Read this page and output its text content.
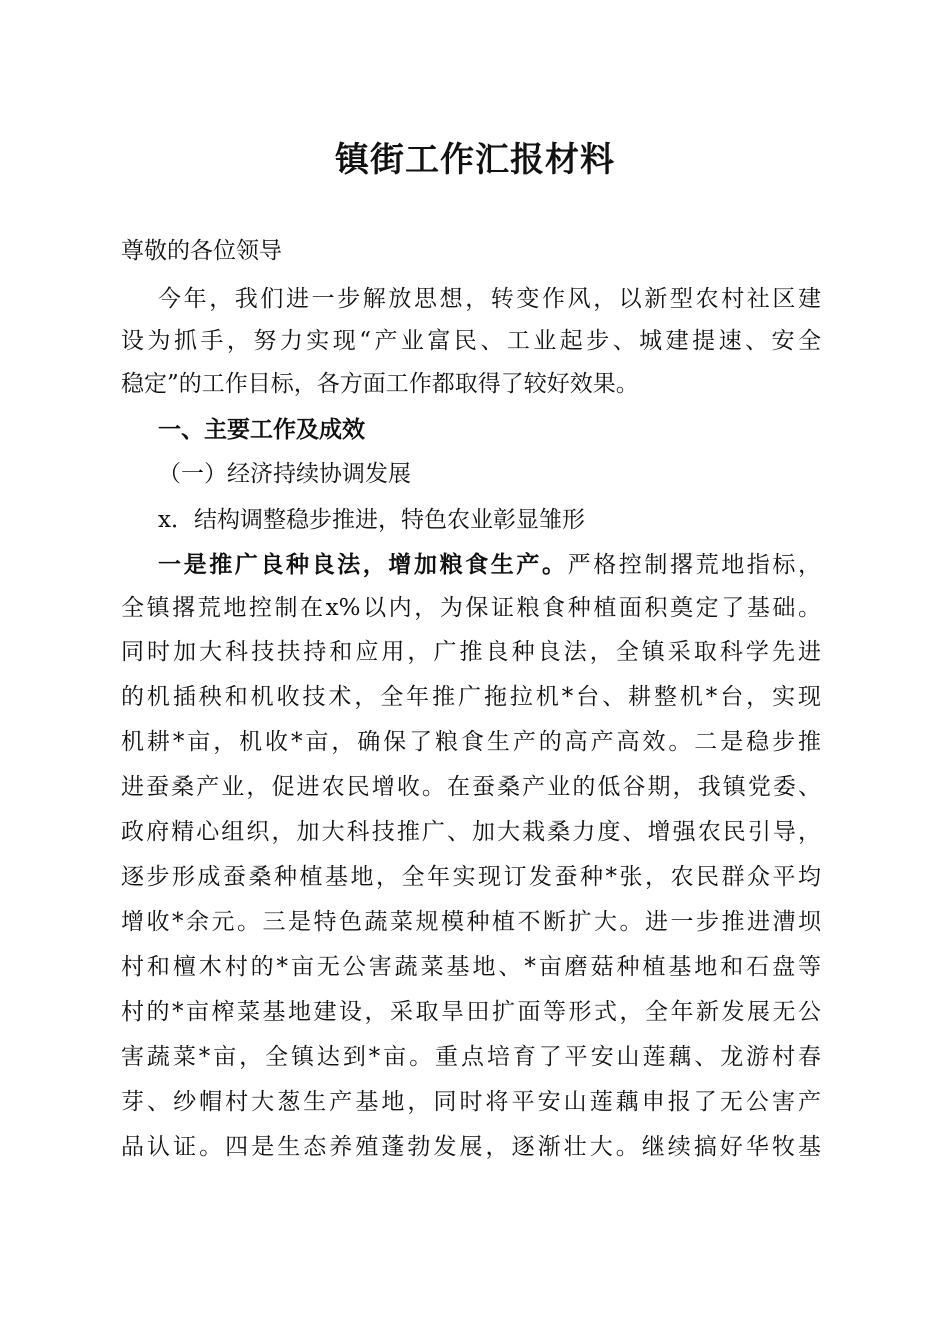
镇街工作汇报材料
尊敬的各位领导
今年，我们进一步解放思想，转变作风，以新型农村社区建
设为抓手，努力实现“产业富民、工业起步、城建提速、安全
稳定”的工作目标，各方面工作都取得了较好效果。
一、主要工作及成效
（一）经济持续协调发展
x．结构调整稳步推进，特色农业彰显雏形
一是推广良种良法，增加粮食生产。严格控制撂荒地指标，
全镇撂荒地控制在x%以内，为保证粮食种植面积奠定了基础。
同时加大科技扶持和应用，广推良种良法，全镇采取科学先进
的机插秧和机收技术，全年推广拖拉机*台、耕整机*台，实现
机耕*亩，机收*亩，确保了粮食生产的高产高效。二是稳步推
进蚕桑产业，促进农民增收。在蚕桑产业的低谷期，我镇党委、
政府精心组织，加大科技推广、加大栽桑力度、增强农民引导，
逐步形成蚕桑种植基地，全年实现订发蚕种*张，农民群众平均
增收*余元。三是特色蔬菜规模种植不断扩大。进一步推进漕坝
村和檀木村的*亩无公害蔬菜基地、*亩磨菇种植基地和石盘等
村的*亩榨菜基地建设，采取旱田扩面等形式，全年新发展无公
害蔬菜*亩，全镇达到*亩。重点培育了平安山莲藕、龙游村春
芽、纱帽村大葱生产基地，同时将平安山莲藕申报了无公害产
品认证。四是生态养殖蓬勃发展，逐渐壮大。继续搞好华牧基
